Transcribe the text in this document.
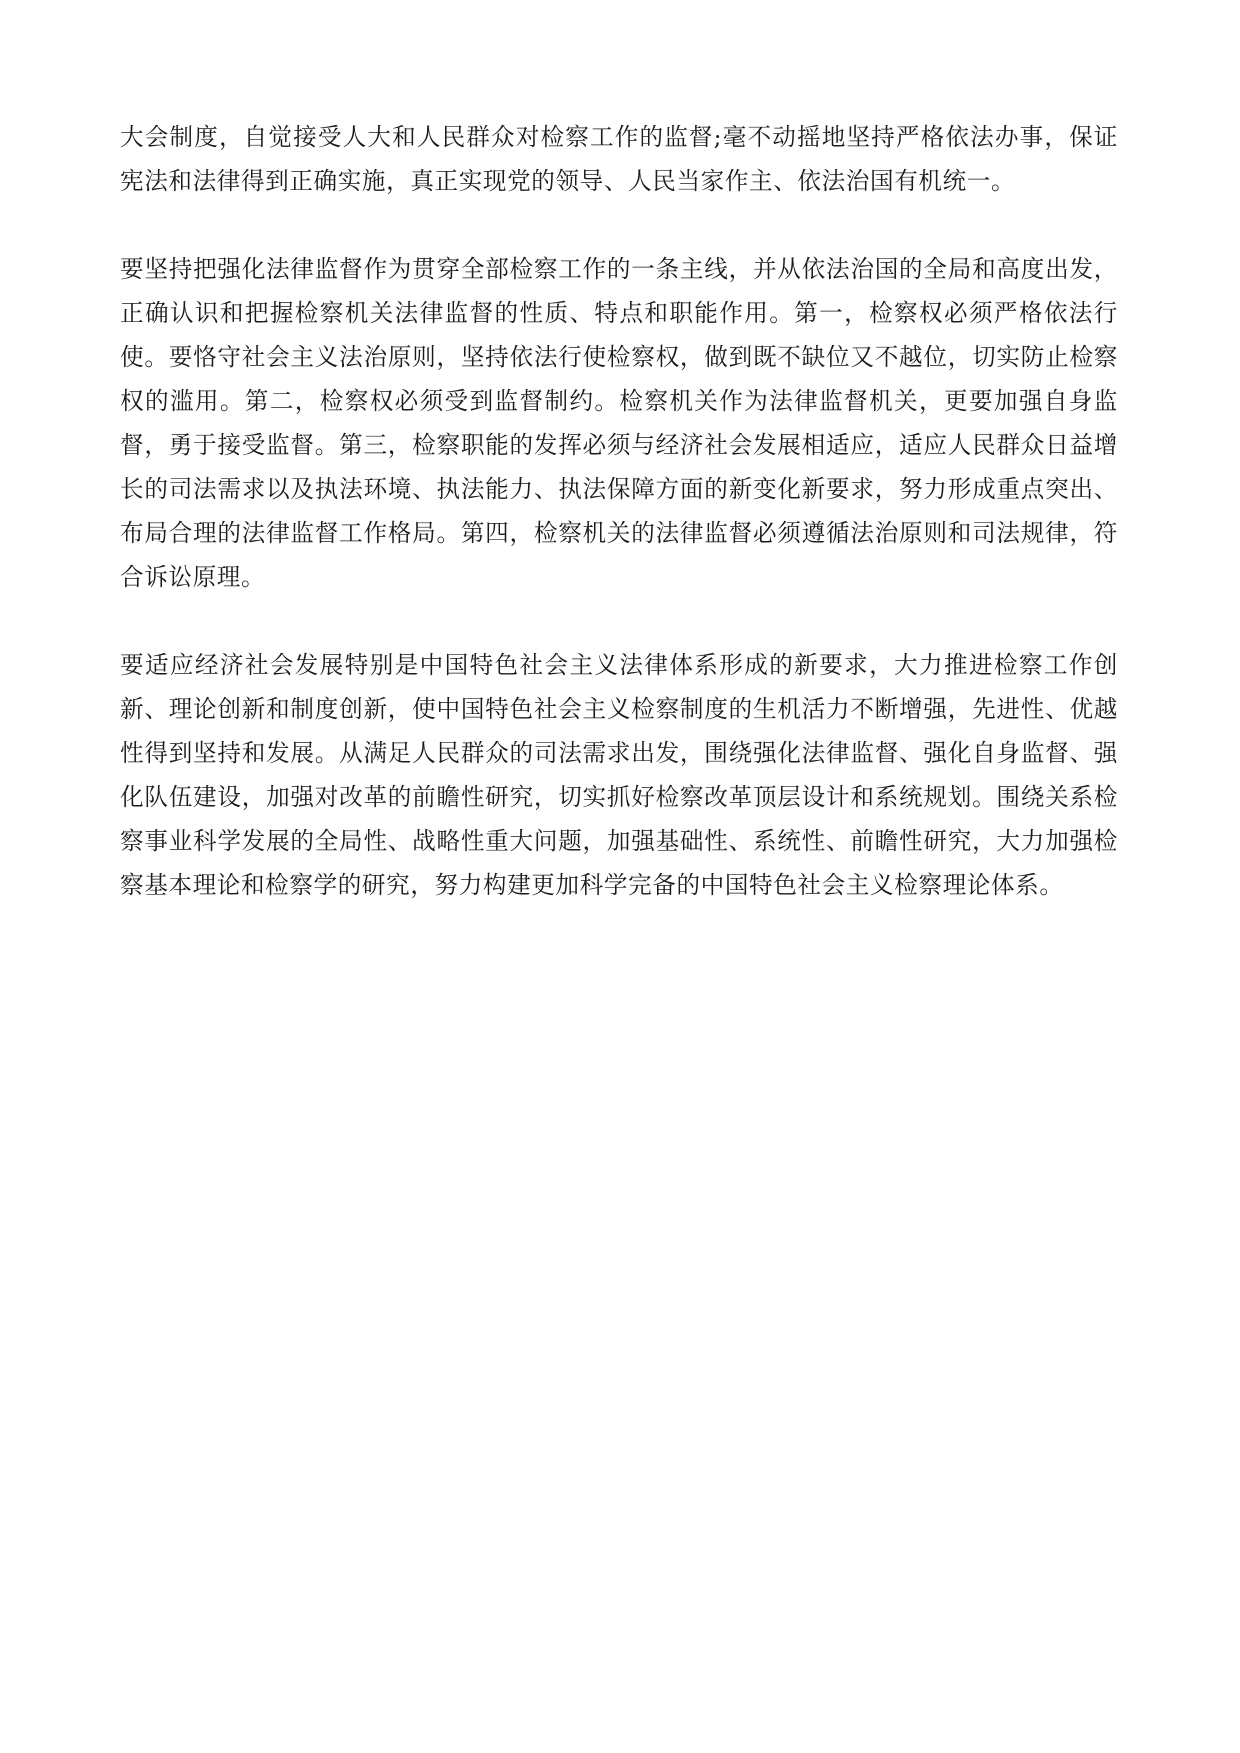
大会制度，自觉接受人大和人民群众对检察工作的监督;毫不动摇地坚持严格依法办事，保证宪法和法律得到正确实施，真正实现党的领导、人民当家作主、依法治国有机统一。

要坚持把强化法律监督作为贯穿全部检察工作的一条主线，并从依法治国的全局和高度出发，正确认识和把握检察机关法律监督的性质、特点和职能作用。第一，检察权必须严格依法行使。要恪守社会主义法治原则，坚持依法行使检察权，做到既不缺位又不越位，切实防止检察权的滥用。第二，检察权必须受到监督制约。检察机关作为法律监督机关，更要加强自身监督，勇于接受监督。第三，检察职能的发挥必须与经济社会发展相适应，适应人民群众日益增长的司法需求以及执法环境、执法能力、执法保障方面的新变化新要求，努力形成重点突出、布局合理的法律监督工作格局。第四，检察机关的法律监督必须遵循法治原则和司法规律，符合诉讼原理。

要适应经济社会发展特别是中国特色社会主义法律体系形成的新要求，大力推进检察工作创新、理论创新和制度创新，使中国特色社会主义检察制度的生机活力不断增强，先进性、优越性得到坚持和发展。从满足人民群众的司法需求出发，围绕强化法律监督、强化自身监督、强化队伍建设，加强对改革的前瞻性研究，切实抓好检察改革顶层设计和系统规划。围绕关系检察事业科学发展的全局性、战略性重大问题，加强基础性、系统性、前瞻性研究，大力加强检察基本理论和检察学的研究，努力构建更加科学完备的中国特色社会主义检察理论体系。
